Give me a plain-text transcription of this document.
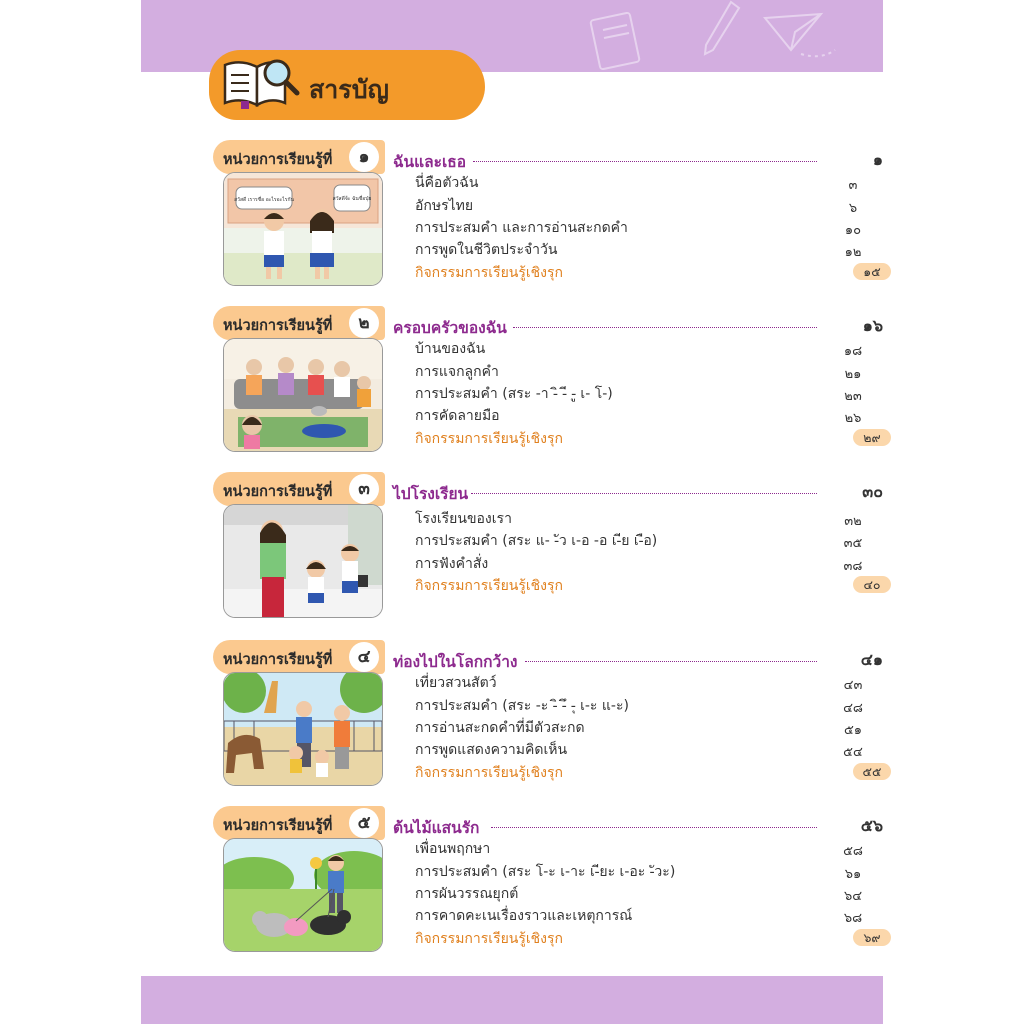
สารบัญ
หน่วยการเรียนรู้ที่	๑
สวัสดี เรารชื่อ อะไรอะไรกัน	สวัสดีจ้ะ ฉันชื่อปุ่ย
ฉันและเธอ	๑
นี่คือตัวฉัน	๓
อักษรไทย	๖
การประสมคำ และการอ่านสะกดคำ	๑๐
การพูดในชีวิตประจำวัน	๑๒
กิจกรรมการเรียนรู้เชิงรุก	๑๕
หน่วยการเรียนรู้ที่	๒	ครอบครัวของฉัน	๑๖
บ้านของฉัน	๑๘
การแจกลูกคำ	๒๑
การประสมคำ (สระ -า -ิ -ี -ู เ- โ-)	๒๓
การคัดลายมือ	๒๖
กิจกรรมการเรียนรู้เชิงรุก	๒๙
หน่วยการเรียนรู้ที่	๓	ไปโรงเรียน	๓๐
โรงเรียนของเรา	๓๒
การประสมคำ (สระ แ- -ัว เ-อ -อ เ-ีย เ-ือ)	๓๕
การฟังคำสั่ง	๓๘
กิจกรรมการเรียนรู้เชิงรุก	๔๐
หน่วยการเรียนรู้ที่	๔	ท่องไปในโลกกว้าง	๔๑
เที่ยวสวนสัตว์	๔๓
การประสมคำ (สระ -ะ -ิ -ึ -ุ เ-ะ แ-ะ)	๔๘
การอ่านสะกดคำที่มีตัวสะกด	๕๑
การพูดแสดงความคิดเห็น	๕๔
กิจกรรมการเรียนรู้เชิงรุก	๕๕
หน่วยการเรียนรู้ที่	๕	ต้นไม้แสนรัก	๕๖
เพื่อนพฤกษา	๕๘
การประสมคำ (สระ โ-ะ เ-าะ เ-ียะ เ-อะ -ัวะ)	๖๑
การผันวรรณยุกต์	๖๔
การคาดคะเนเรื่องราวและเหตุการณ์	๖๘
กิจกรรมการเรียนรู้เชิงรุก	๖๙
